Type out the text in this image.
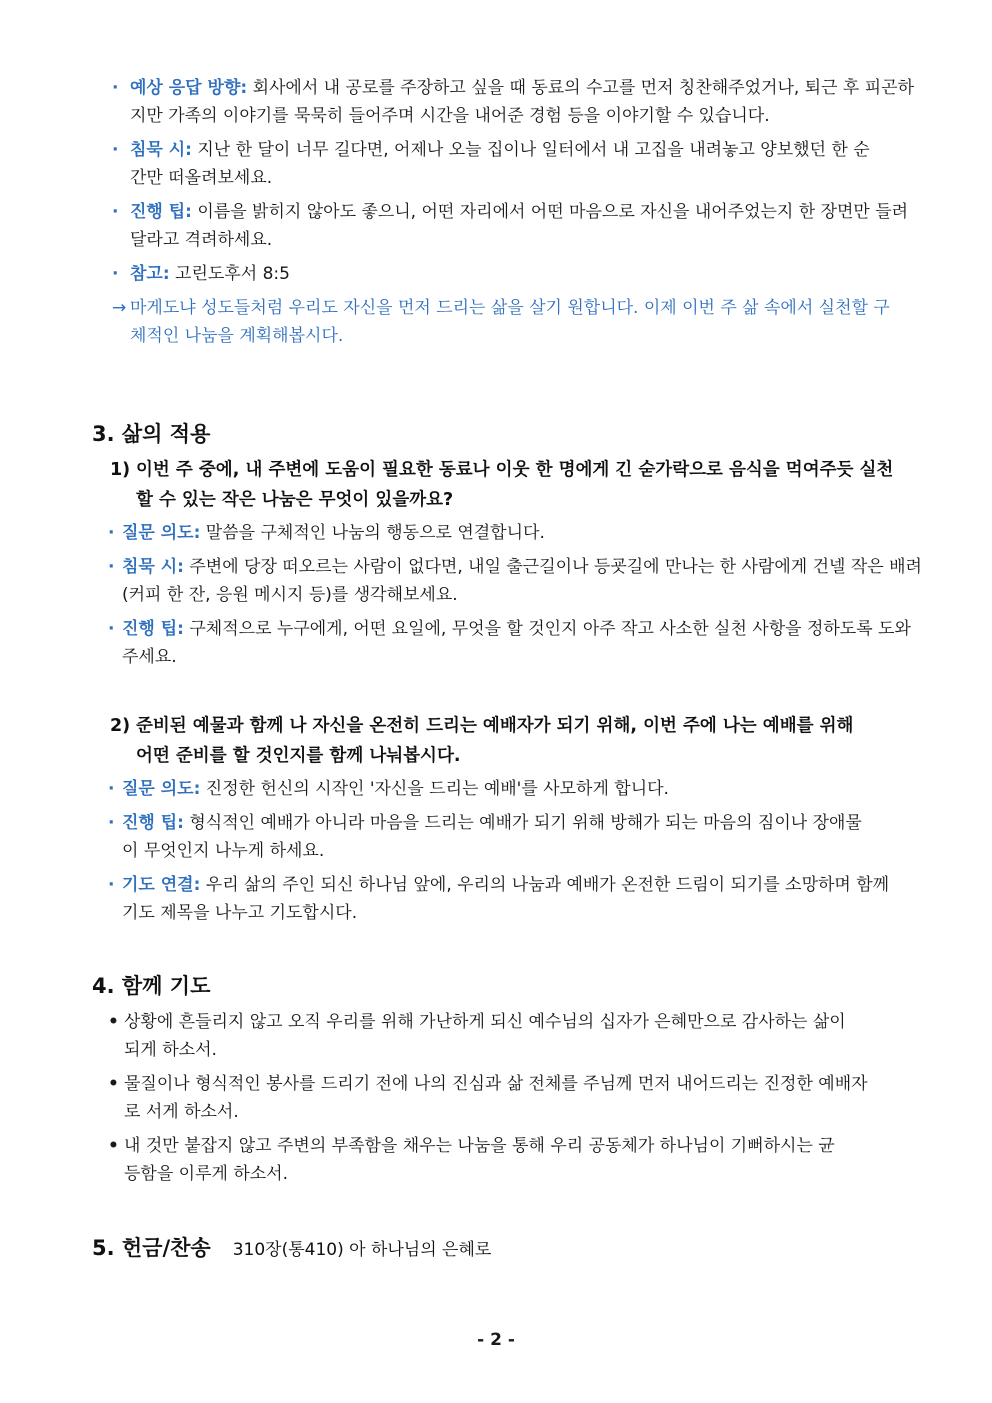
· 예상 응답 방향: 회사에서 내 공로를 주장하고 싶을 때 동료의 수고를 먼저 칭찬해주었거나, 퇴근 후 피곤하지만 가족의 이야기를 묵묵히 들어주며 시간을 내어준 경험 등을 이야기할 수 있습니다.
· 침묵 시: 지난 한 달이 너무 길다면, 어제나 오늘 집이나 일터에서 내 고집을 내려놓고 양보했던 한 순간만 떠올려보세요.
· 진행 팁: 이름을 밝히지 않아도 좋으니, 어떤 자리에서 어떤 마음으로 자신을 내어주었는지 한 장면만 들려달라고 격려하세요.
· 참고: 고린도후서 8:5
→ 마게도냐 성도들처럼 우리도 자신을 먼저 드리는 삶을 살기 원합니다. 이제 이번 주 삶 속에서 실천할 구체적인 나눔을 계획해봅시다.
3. 삶의 적용
1) 이번 주 중에, 내 주변에 도움이 필요한 동료나 이웃 한 명에게 긴 숟가락으로 음식을 먹여주듯 실천할 수 있는 작은 나눔은 무엇이 있을까요?
· 질문 의도: 말씀을 구체적인 나눔의 행동으로 연결합니다.
· 침묵 시: 주변에 당장 떠오르는 사람이 없다면, 내일 출근길이나 등굣길에 만나는 한 사람에게 건넬 작은 배려(커피 한 잔, 응원 메시지 등)를 생각해보세요.
· 진행 팁: 구체적으로 누구에게, 어떤 요일에, 무엇을 할 것인지 아주 작고 사소한 실천 사항을 정하도록 도와주세요.
2) 준비된 예물과 함께 나 자신을 온전히 드리는 예배자가 되기 위해, 이번 주에 나는 예배를 위해 어떤 준비를 할 것인지를 함께 나눠봅시다.
· 질문 의도: 진정한 헌신의 시작인 '자신을 드리는 예배'를 사모하게 합니다.
· 진행 팁: 형식적인 예배가 아니라 마음을 드리는 예배가 되기 위해 방해가 되는 마음의 짐이나 장애물이 무엇인지 나누게 하세요.
· 기도 연결: 우리 삶의 주인 되신 하나님 앞에, 우리의 나눔과 예배가 온전한 드림이 되기를 소망하며 함께 기도 제목을 나누고 기도합시다.
4. 함께 기도
• 상황에 흔들리지 않고 오직 우리를 위해 가난하게 되신 예수님의 십자가 은혜만으로 감사하는 삶이 되게 하소서.
• 물질이나 형식적인 봉사를 드리기 전에 나의 진심과 삶 전체를 주님께 먼저 내어드리는 진정한 예배자로 서게 하소서.
• 내 것만 붙잡지 않고 주변의 부족함을 채우는 나눔을 통해 우리 공동체가 하나님이 기뻐하시는 균등함을 이루게 하소서.
5. 헌금/찬송 310장(통410) 아 하나님의 은혜로
- 2 -
